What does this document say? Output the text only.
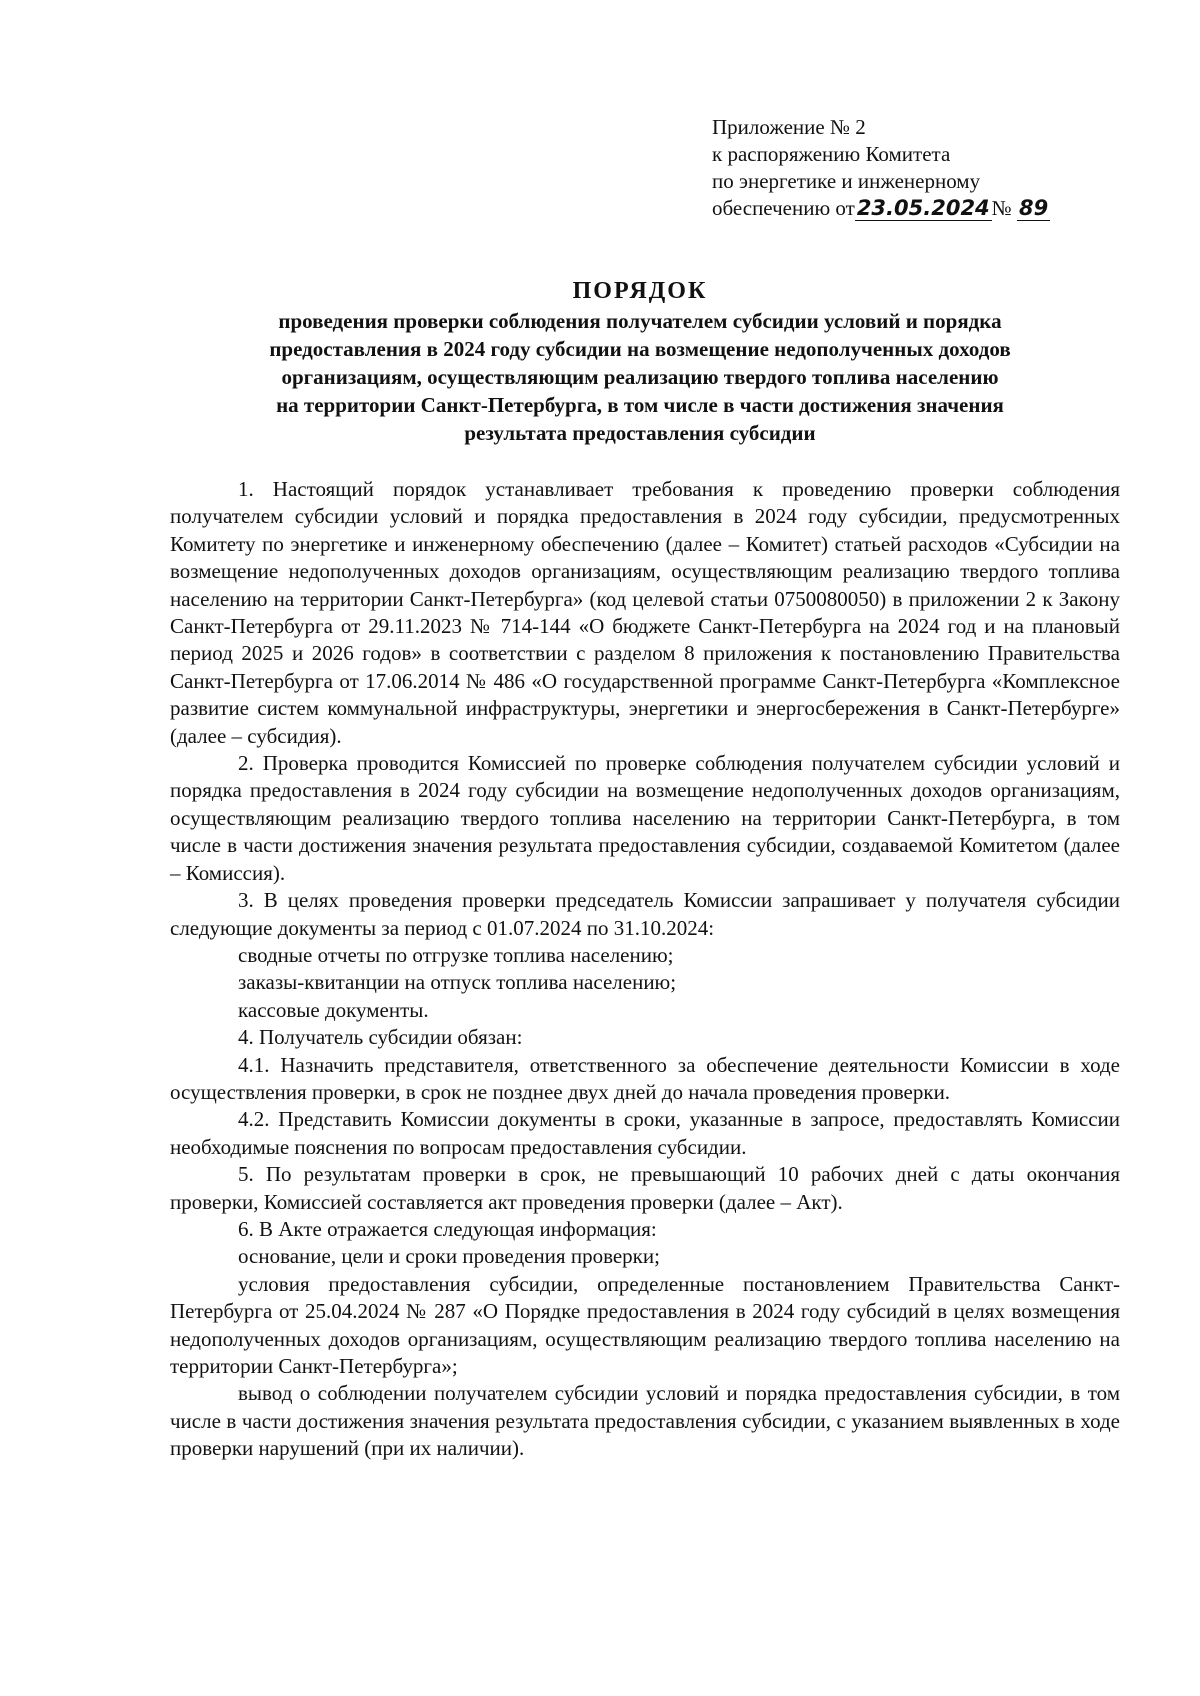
Приложение № 2
к распоряжению Комитета
по энергетике и инженерному
обеспечению от23.05.2024№ 89
ПОРЯДОК
проведения проверки соблюдения получателем субсидии условий и порядка
предоставления в 2024 году субсидии на возмещение недополученных доходов
организациям, осуществляющим реализацию твердого топлива населению
на территории Санкт-Петербурга, в том числе в части достижения значения
результата предоставления субсидии

1. Настоящий порядок устанавливает требования к проведению проверки соблюдения получателем субсидии условий и порядка предоставления в 2024 году субсидии, предусмотренных Комитету по энергетике и инженерному обеспечению (далее – Комитет) статьей расходов «Субсидии на возмещение недополученных доходов организациям, осуществляющим реализацию твердого топлива населению на территории Санкт-Петербурга» (код целевой статьи 0750080050) в приложении 2 к Закону Санкт-Петербурга от 29.11.2023 № 714-144 «О бюджете Санкт-Петербурга на 2024 год и на плановый период 2025 и 2026 годов» в соответствии с разделом 8 приложения к постановлению Правительства Санкт-Петербурга от 17.06.2014 № 486 «О государственной программе Санкт-Петербурга «Комплексное развитие систем коммунальной инфраструктуры, энергетики и энергосбережения в Санкт-Петербурге» (далее – субсидия).

2. Проверка проводится Комиссией по проверке соблюдения получателем субсидии условий и порядка предоставления в 2024 году субсидии на возмещение недополученных доходов организациям, осуществляющим реализацию твердого топлива населению на территории Санкт-Петербурга, в том числе в части достижения значения результата предоставления субсидии, создаваемой Комитетом (далее – Комиссия).

3. В целях проведения проверки председатель Комиссии запрашивает у получателя субсидии следующие документы за период с 01.07.2024 по 31.10.2024:

сводные отчеты по отгрузке топлива населению;

заказы-квитанции на отпуск топлива населению;

кассовые документы.

4. Получатель субсидии обязан:

4.1. Назначить представителя, ответственного за обеспечение деятельности Комиссии в ходе осуществления проверки, в срок не позднее двух дней до начала проведения проверки.

4.2. Представить Комиссии документы в сроки, указанные в запросе, предоставлять Комиссии необходимые пояснения по вопросам предоставления субсидии.

5. По результатам проверки в срок, не превышающий 10 рабочих дней с даты окончания проверки, Комиссией составляется акт проведения проверки (далее – Акт).

6. В Акте отражается следующая информация:

основание, цели и сроки проведения проверки;

условия предоставления субсидии, определенные постановлением Правительства Санкт-Петербурга от 25.04.2024 № 287 «О Порядке предоставления в 2024 году субсидий в целях возмещения недополученных доходов организациям, осуществляющим реализацию твердого топлива населению на территории Санкт-Петербурга»;

вывод о соблюдении получателем субсидии условий и порядка предоставления субсидии, в том числе в части достижения значения результата предоставления субсидии, с указанием выявленных в ходе проверки нарушений (при их наличии).
